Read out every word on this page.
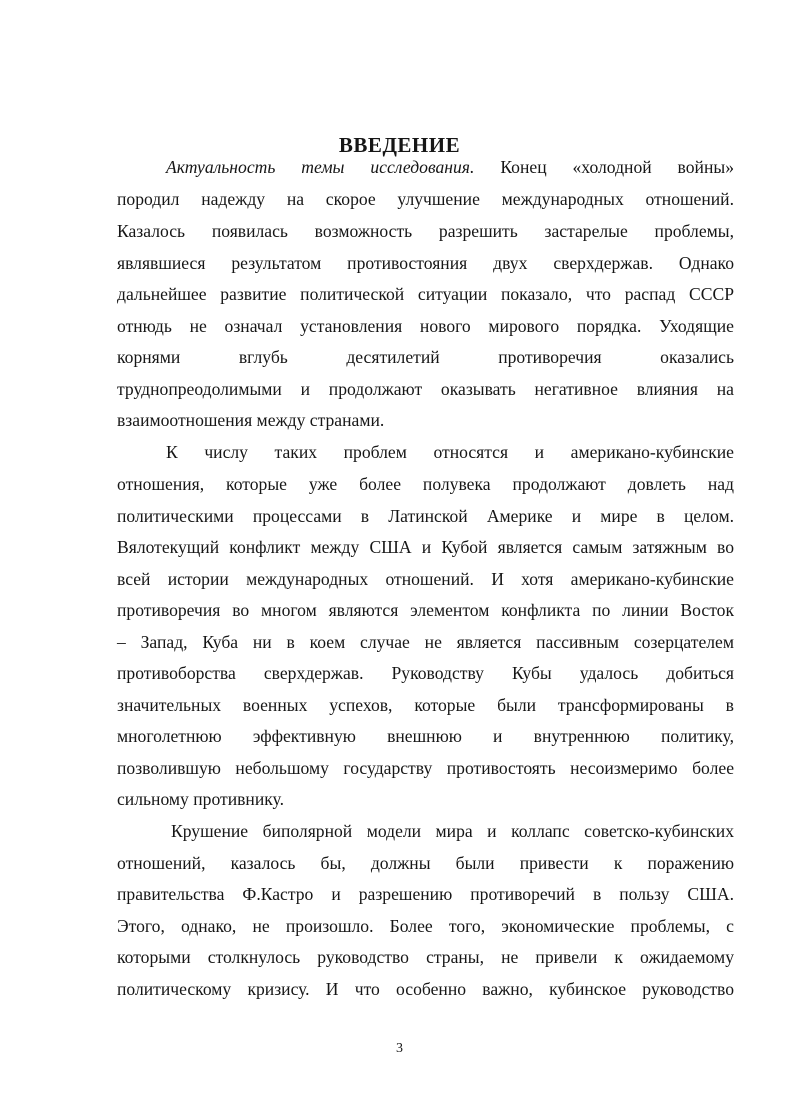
ВВЕДЕНИЕ
Актуальность темы исследования. Конец «холодной войны»
породил надежду на скорое улучшение международных отношений.
Казалось появилась возможность разрешить застарелые проблемы,
являвшиеся результатом противостояния двух сверхдержав. Однако
дальнейшее развитие политической ситуации показало, что распад СССР
отнюдь не означал установления нового мирового порядка. Уходящие
корнями вглубь десятилетий противоречия оказались
труднопреодолимыми и продолжают оказывать негативное влияния на
взаимоотношения между странами.
К числу таких проблем относятся и американо-кубинские
отношения, которые уже более полувека продолжают довлеть над
политическими процессами в Латинской Америке и мире в целом.
Вялотекущий конфликт между США и Кубой является самым затяжным во
всей истории международных отношений. И хотя американо-кубинские
противоречия во многом являются элементом конфликта по линии Восток
– Запад, Куба ни в коем случае не является пассивным созерцателем
противоборства сверхдержав. Руководству Кубы удалось добиться
значительных военных успехов, которые были трансформированы в
многолетнюю эффективную внешнюю и внутреннюю политику,
позволившую небольшому государству противостоять несоизмеримо более
сильному противнику.
Крушение биполярной модели мира и коллапс советско-кубинских
отношений, казалось бы, должны были привести к поражению
правительства Ф.Кастро и разрешению противоречий в пользу США.
Этого, однако, не произошло. Более того, экономические проблемы, с
которыми столкнулось руководство страны, не привели к ожидаемому
политическому кризису. И что особенно важно, кубинское руководство
3
